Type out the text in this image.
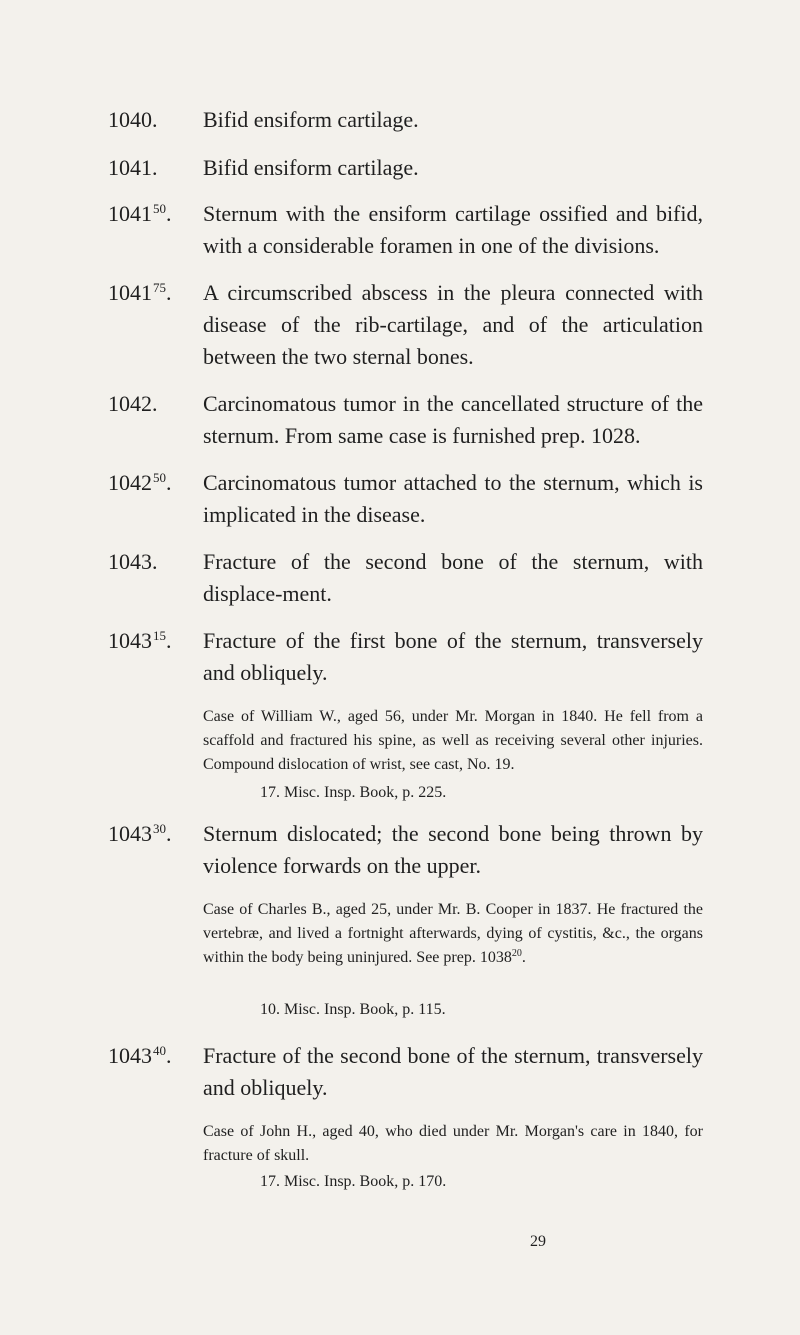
1040. Bifid ensiform cartilage.
1041. Bifid ensiform cartilage.
1041$^{50}$. Sternum with the ensiform cartilage ossified and bifid, with a considerable foramen in one of the divisions.
1041$^{75}$. A circumscribed abscess in the pleura connected with disease of the rib-cartilage, and of the articulation between the two sternal bones.
1042. Carcinomatous tumor in the cancellated structure of the sternum. From same case is furnished prep. 1028.
1042$^{50}$. Carcinomatous tumor attached to the sternum, which is implicated in the disease.
1043. Fracture of the second bone of the sternum, with displace-ment.
1043$^{15}$. Fracture of the first bone of the sternum, transversely and obliquely.
Case of William W., aged 56, under Mr. Morgan in 1840. He fell from a scaffold and fractured his spine, as well as receiving several other injuries. Compound dislocation of wrist, see cast, No. 19.
17. Misc. Insp. Book, p. 225.
1043$^{30}$. Sternum dislocated; the second bone being thrown by violence forwards on the upper.
Case of Charles B., aged 25, under Mr. B. Cooper in 1837. He fractured the vertebræ, and lived a fortnight afterwards, dying of cystitis, &c., the organs within the body being uninjured. See prep. 1038$^{20}$.
10. Misc. Insp. Book, p. 115.
1043$^{40}$. Fracture of the second bone of the sternum, transversely and obliquely.
Case of John H., aged 40, who died under Mr. Morgan's care in 1840, for fracture of skull.
17. Misc. Insp. Book, p. 170.
29
